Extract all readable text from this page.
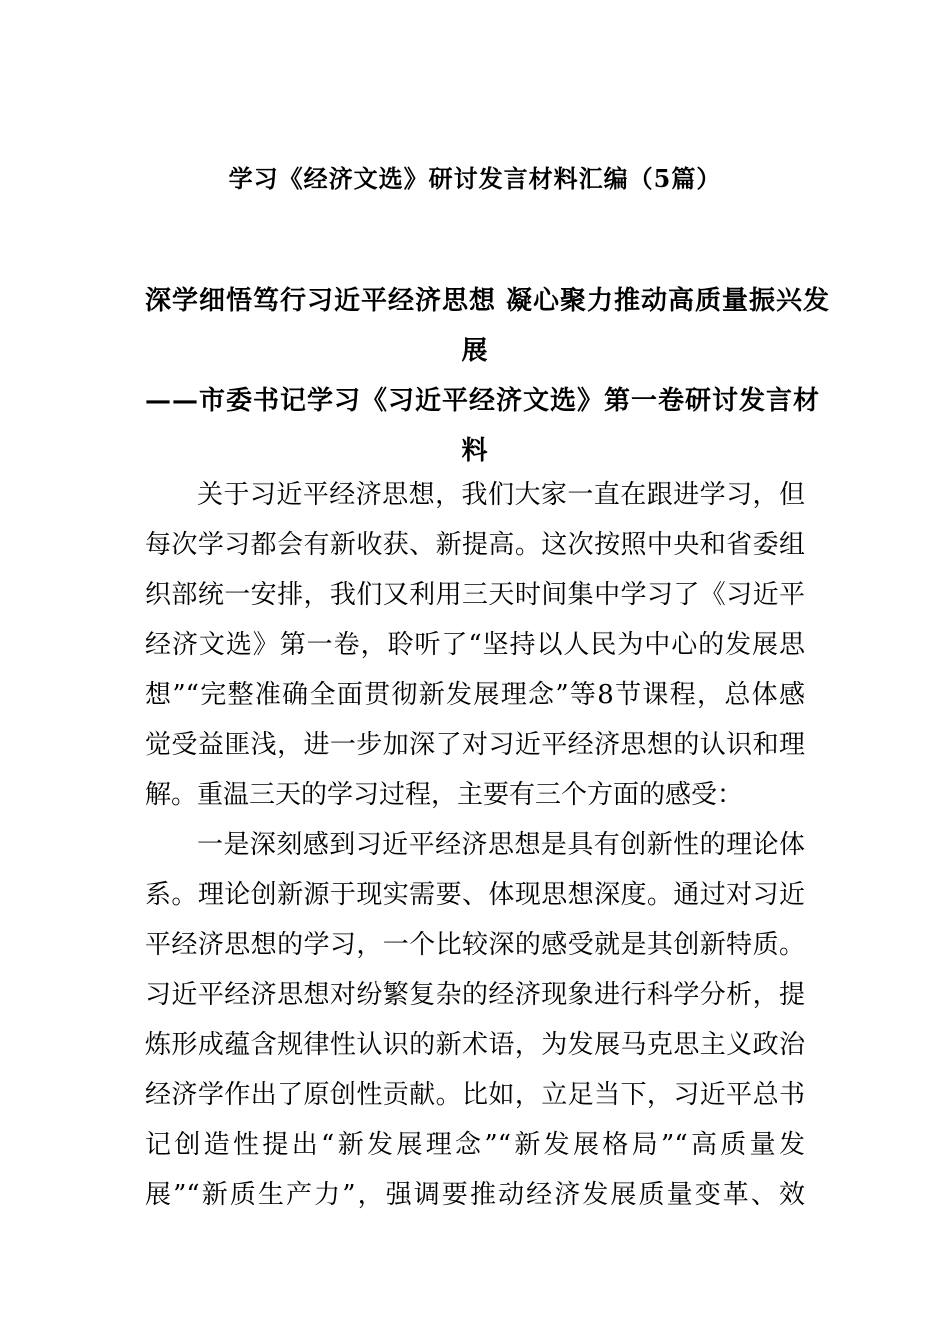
学习《经济文选》研讨发言材料汇编（5篇）
深学细悟笃行习近平经济思想 凝心聚力推动高质量振兴发
展
——市委书记学习《习近平经济文选》第一卷研讨发言材
料
关于习近平经济思想，我们大家一直在跟进学习，但
每次学习都会有新收获、新提高。这次按照中央和省委组
织部统一安排，我们又利用三天时间集中学习了《习近平
经济文选》第一卷，聆听了“坚持以人民为中心的发展思
想”“完整准确全面贯彻新发展理念”等8节课程，总体感
觉受益匪浅，进一步加深了对习近平经济思想的认识和理
解。重温三天的学习过程，主要有三个方面的感受：
一是深刻感到习近平经济思想是具有创新性的理论体
系。理论创新源于现实需要、体现思想深度。通过对习近
平经济思想的学习，一个比较深的感受就是其创新特质。
习近平经济思想对纷繁复杂的经济现象进行科学分析，提
炼形成蕴含规律性认识的新术语，为发展马克思主义政治
经济学作出了原创性贡献。比如，立足当下，习近平总书
记创造性提出“新发展理念”“新发展格局”“高质量发
展”“新质生产力”，强调要推动经济发展质量变革、效
